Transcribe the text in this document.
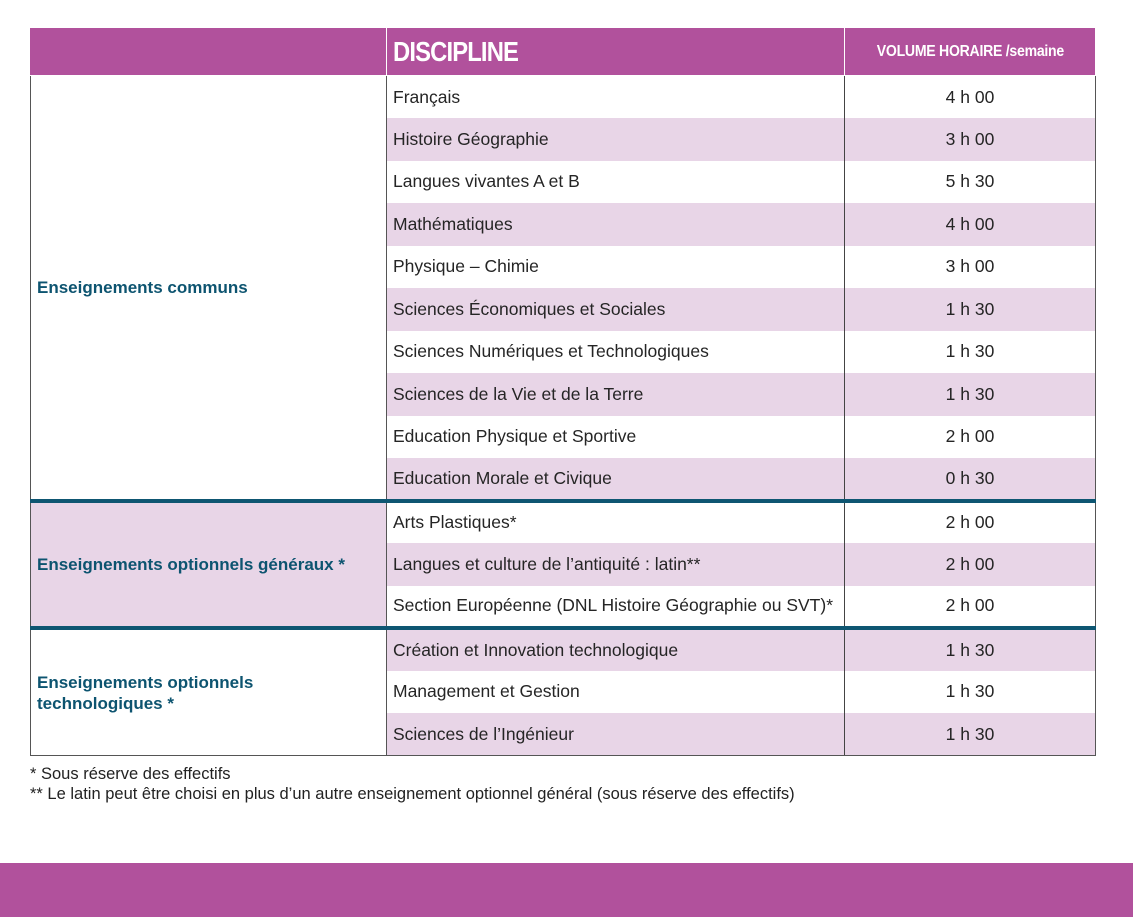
	DISCIPLINE	VOLUME HORAIRE /semaine
Enseignements communs	Français	4 h 00
	Histoire Géographie	3 h 00
	Langues vivantes A et B	5 h 30
	Mathématiques	4 h 00
	Physique – Chimie	3 h 00
	Sciences Économiques et Sociales	1 h 30
	Sciences Numériques et Technologiques	1 h 30
	Sciences de la Vie et de la Terre	1 h 30
	Education Physique et Sportive	2 h 00
	Education Morale et Civique	0 h 30
Enseignements optionnels généraux *	Arts Plastiques*	2 h 00
	Langues et culture de l’antiquité : latin**	2 h 00
	Section Européenne (DNL Histoire Géographie ou SVT)*	2 h 00
Enseignements optionnels
technologiques *	Création et Innovation technologique	1 h 30
	Management et Gestion	1 h 30
	Sciences de l’Ingénieur	1 h 30
* Sous réserve des effectifs
** Le latin peut être choisi en plus d’un autre enseignement optionnel général (sous réserve des effectifs)
